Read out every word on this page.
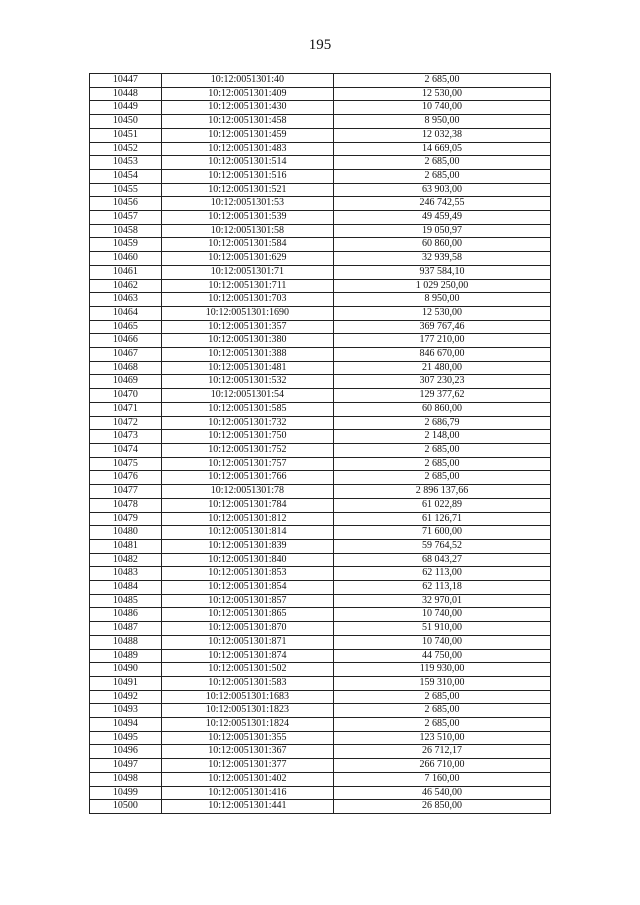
195
10447	10:12:0051301:40	2 685,00
10448	10:12:0051301:409	12 530,00
10449	10:12:0051301:430	10 740,00
10450	10:12:0051301:458	8 950,00
10451	10:12:0051301:459	12 032,38
10452	10:12:0051301:483	14 669,05
10453	10:12:0051301:514	2 685,00
10454	10:12:0051301:516	2 685,00
10455	10:12:0051301:521	63 903,00
10456	10:12:0051301:53	246 742,55
10457	10:12:0051301:539	49 459,49
10458	10:12:0051301:58	19 050,97
10459	10:12:0051301:584	60 860,00
10460	10:12:0051301:629	32 939,58
10461	10:12:0051301:71	937 584,10
10462	10:12:0051301:711	1 029 250,00
10463	10:12:0051301:703	8 950,00
10464	10:12:0051301:1690	12 530,00
10465	10:12:0051301:357	369 767,46
10466	10:12:0051301:380	177 210,00
10467	10:12:0051301:388	846 670,00
10468	10:12:0051301:481	21 480,00
10469	10:12:0051301:532	307 230,23
10470	10:12:0051301:54	129 377,62
10471	10:12:0051301:585	60 860,00
10472	10:12:0051301:732	2 686,79
10473	10:12:0051301:750	2 148,00
10474	10:12:0051301:752	2 685,00
10475	10:12:0051301:757	2 685,00
10476	10:12:0051301:766	2 685,00
10477	10:12:0051301:78	2 896 137,66
10478	10:12:0051301:784	61 022,89
10479	10:12:0051301:812	61 126,71
10480	10:12:0051301:814	71 600,00
10481	10:12:0051301:839	59 764,52
10482	10:12:0051301:840	68 043,27
10483	10:12:0051301:853	62 113,00
10484	10:12:0051301:854	62 113,18
10485	10:12:0051301:857	32 970,01
10486	10:12:0051301:865	10 740,00
10487	10:12:0051301:870	51 910,00
10488	10:12:0051301:871	10 740,00
10489	10:12:0051301:874	44 750,00
10490	10:12:0051301:502	119 930,00
10491	10:12:0051301:583	159 310,00
10492	10:12:0051301:1683	2 685,00
10493	10:12:0051301:1823	2 685,00
10494	10:12:0051301:1824	2 685,00
10495	10:12:0051301:355	123 510,00
10496	10:12:0051301:367	26 712,17
10497	10:12:0051301:377	266 710,00
10498	10:12:0051301:402	7 160,00
10499	10:12:0051301:416	46 540,00
10500	10:12:0051301:441	26 850,00
